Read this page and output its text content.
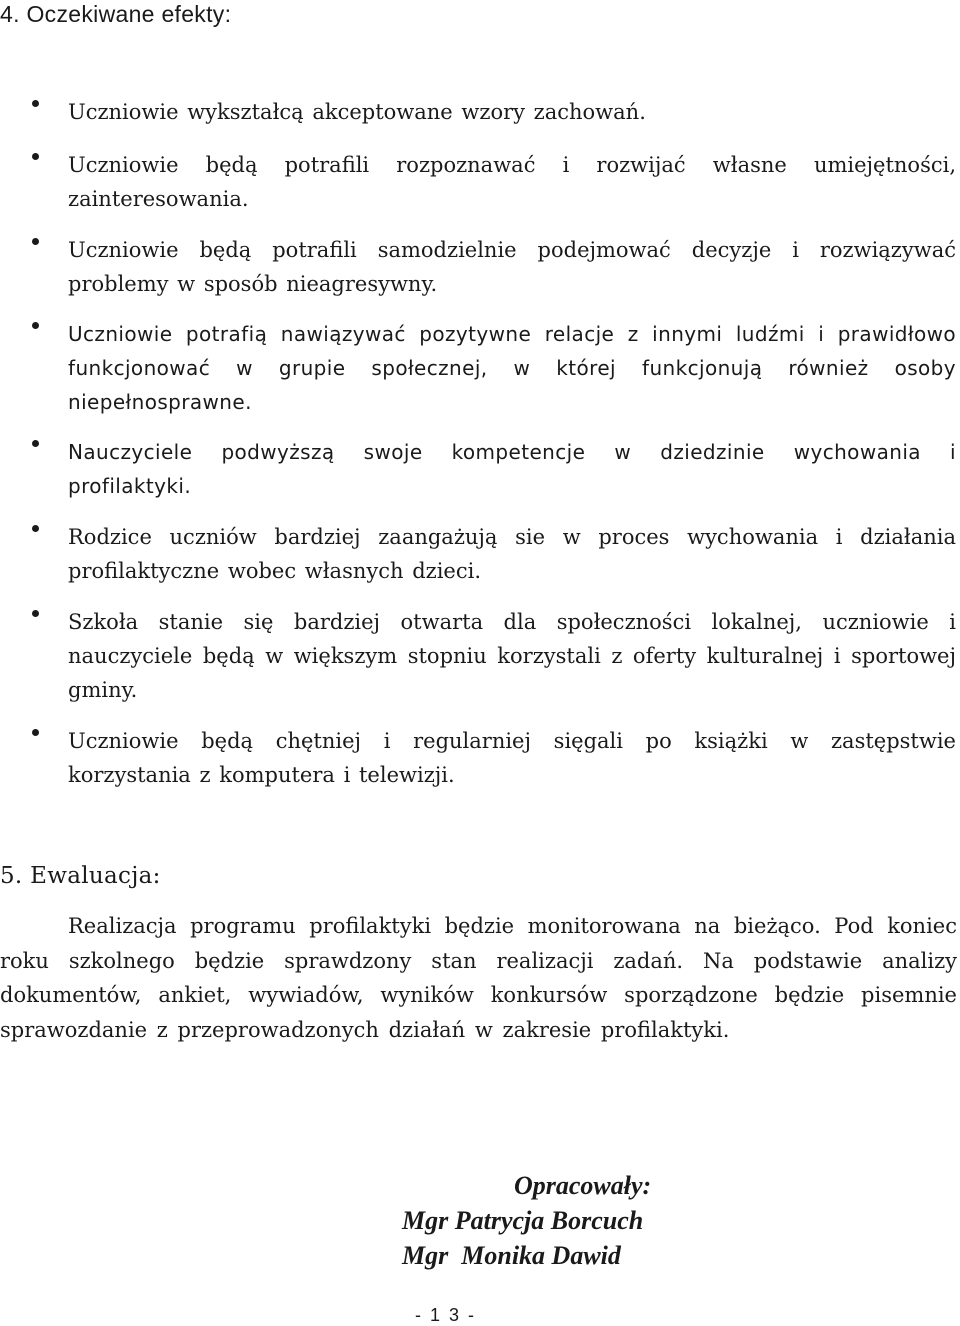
4. Oczekiwane efekty:

Uczniowie wykształcą akceptowane wzory zachowań.

Uczniowie będą potrafili rozpoznawać i rozwijać własne umiejętności, zainteresowania.

Uczniowie będą potrafili samodzielnie podejmować decyzje i rozwiązywać problemy w sposób nieagresywny.

Uczniowie potrafią nawiązywać pozytywne relacje z innymi ludźmi i prawidłowo funkcjonować w grupie społecznej, w której funkcjonują również osoby niepełnosprawne.

Nauczyciele podwyższą swoje kompetencje w dziedzinie wychowania i profilaktyki.

Rodzice uczniów bardziej zaangażują sie w proces wychowania i działania profilaktyczne wobec własnych dzieci.

Szkoła stanie się bardziej otwarta dla społeczności lokalnej, uczniowie i nauczyciele będą w większym stopniu korzystali z oferty kulturalnej i sportowej gminy.

Uczniowie będą chętniej i regularniej sięgali po książki w zastępstwie korzystania z komputera i telewizji.

5. Ewaluacja:

Realizacja programu profilaktyki będzie monitorowana na bieżąco. Pod koniec roku szkolnego będzie sprawdzony stan realizacji zadań. Na podstawie analizy dokumentów, ankiet, wywiadów, wyników konkursów sporządzone będzie pisemnie sprawozdanie z przeprowadzonych działań w zakresie profilaktyki.

Opracowały:

Mgr Patrycja Borcuch

Mgr  Monika Dawid

- 1 3 -
